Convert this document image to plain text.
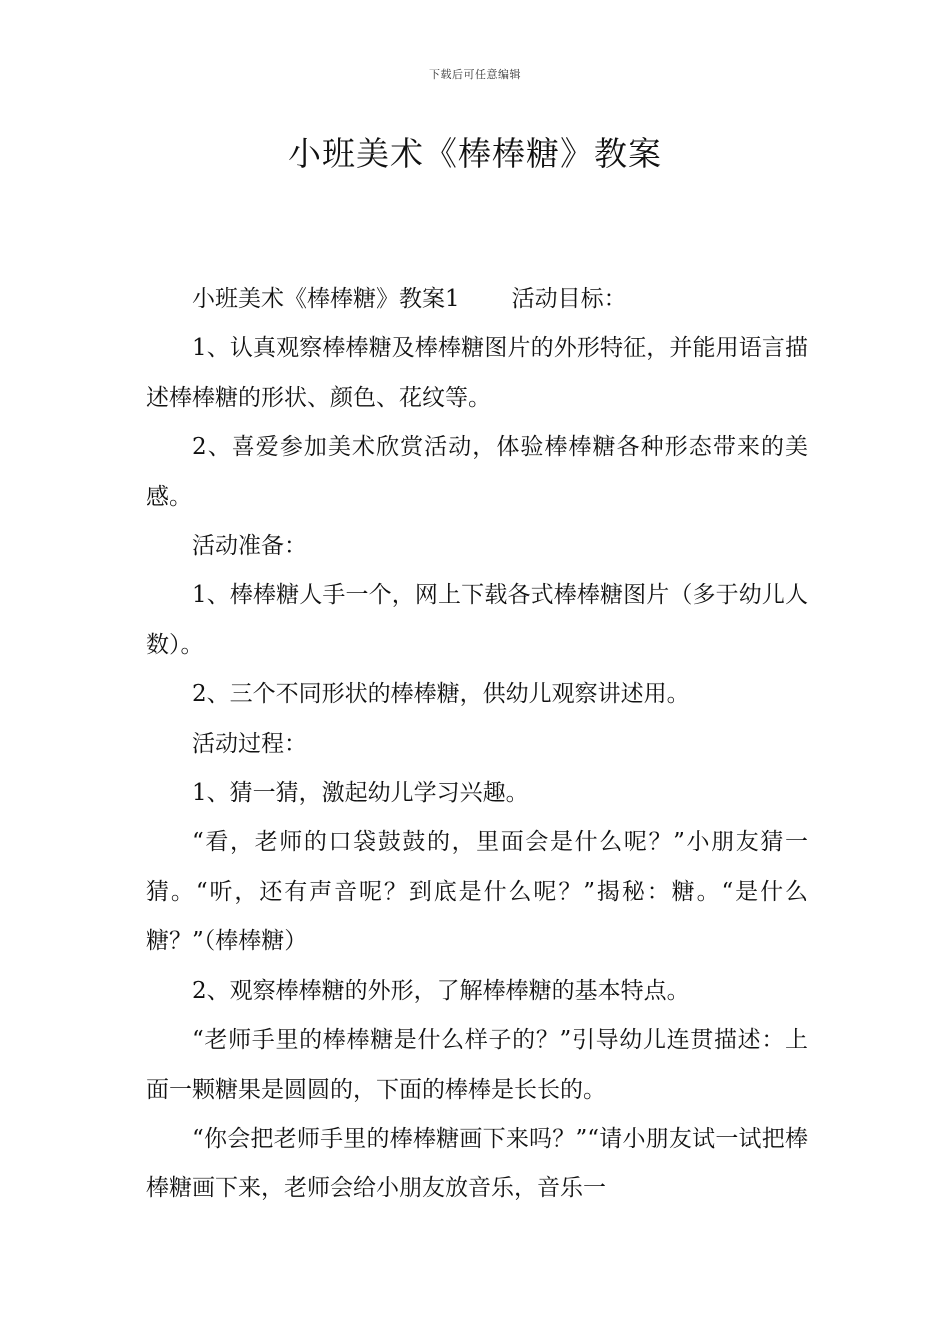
下载后可任意编辑
小班美术《棒棒糖》教案

小班美术《棒棒糖》教案1 活动目标：

1、认真观察棒棒糖及棒棒糖图片的外形特征，并能用语言描述棒棒糖的形状、颜色、花纹等。

2、喜爱参加美术欣赏活动，体验棒棒糖各种形态带来的美感。

活动准备：

1、棒棒糖人手一个，网上下载各式棒棒糖图片（多于幼儿人数）。

2、三个不同形状的棒棒糖，供幼儿观察讲述用。

活动过程：

1、猜一猜，激起幼儿学习兴趣。

“看，老师的口袋鼓鼓的，里面会是什么呢？”小朋友猜一猜。“听，还有声音呢？到底是什么呢？”揭秘：糖。“是什么糖？”（棒棒糖）

2、观察棒棒糖的外形，了解棒棒糖的基本特点。

“老师手里的棒棒糖是什么样子的？”引导幼儿连贯描述：上面一颗糖果是圆圆的，下面的棒棒是长长的。

“你会把老师手里的棒棒糖画下来吗？”“请小朋友试一试把棒棒糖画下来，老师会给小朋友放音乐，音乐一
